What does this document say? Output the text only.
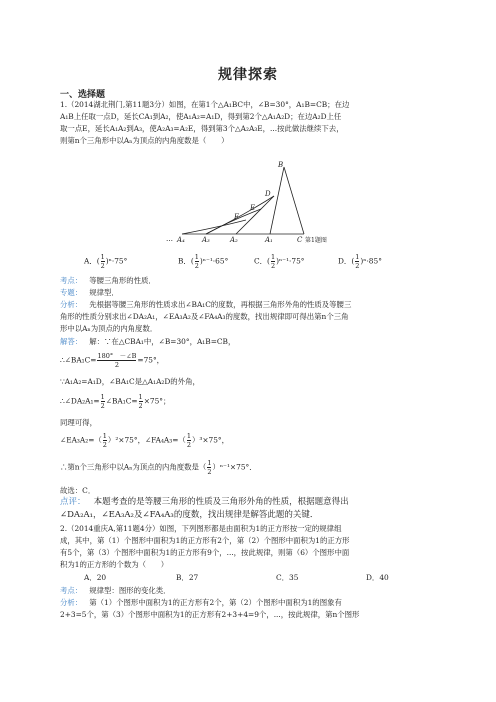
规律探索
一、选择题
1.（2014湖北荆门,第11题3分）如图，在第1个△A₁BC中，∠B=30°，A₁B=CB；在边
A₁B上任取一点D，延长CA₁到A₂，使A₁A₂=A₁D，得到第2个△A₁A₂D；在边A₂D上任
取一点E，延长A₁A₂到A₃，使A₂A₃=A₂E，得到第3个△A₂A₃E，...按此做法继续下去，
则第n个三角形中以Aₙ为顶点的内角度数是（　　）
B
D
E
F
… A₄ A₃	A₂	A₁	C 第1题图
A．( $\frac{1}{2} )^n\cdot 75^\circ$	B．( $\frac{1}{2} )^{n-1}\cdot 65^\circ$	C．( $\frac{1}{2} )^{n-1}\cdot 75^\circ$	D．( $\frac{1}{2} )^n\cdot 85^\circ$
考点： 等腰三角形的性质．
专题： 规律型．
分析： 先根据等腰三角形的性质求出∠BA₁C的度数，再根据三角形外角的性质及等腰三
角形的性质分别求出∠DA₂A₁，∠EA₃A₂及∠FA₄A₃的度数，找出规律即可得出第n个三角
形中以Aₙ为顶点的内角度数．
解答： 解：∵在△CBA₁中，∠B=30°，A₁B=CB，
∴∠BA₁C= $\frac{180^\circ -\angle B}{2} =75^\circ$，
∵A₁A₂=A₁D，∠BA₁C是△A₁A₂D的外角，
∴∠DA₂A₁= $\frac{1}{2}$ ∠BA₁C= $\frac{1}{2} \times 75^\circ$；
同理可得，
∠EA₃A₂=（ $\frac{1}{2} )^2\times 75^\circ$，∠FA₄A₃=（ $\frac{1}{2} )^3\times 75^\circ$，
∴第n个三角形中以Aₙ为顶点的内角度数是（ $\frac{1}{2} )^{n-1}\times 75^\circ$．
故选：C．
点评： 本题考查的是等腰三角形的性质及三角形外角的性质，根据题意得出
∠DA₂A₁，∠EA₃A₂及∠FA₄A₃的度数，找出规律是解答此题的关键．
2.（2014重庆A,第11题4分）如图，下列图形都是由面积为1的正方形按一定的规律组
成，其中，第（1）个图形中面积为1的正方形有2个，第（2）个图形中面积为1的正方形
有5个，第（3）个图形中面积为1的正方形有9个，...，按此规律，则第（6）个图形中面
积为1的正方形的个数为（　　）
A．20	B．27	C．35	D．40
考点： 规律型：图形的变化类．
分析： 第（1）个图形中面积为1的正方形有2个，第（2）个图形中面积为1的图象有
2+3=5个，第（3）个图形中面积为1的正方形有2+3+4=9个，...，按此规律，第n个图形
